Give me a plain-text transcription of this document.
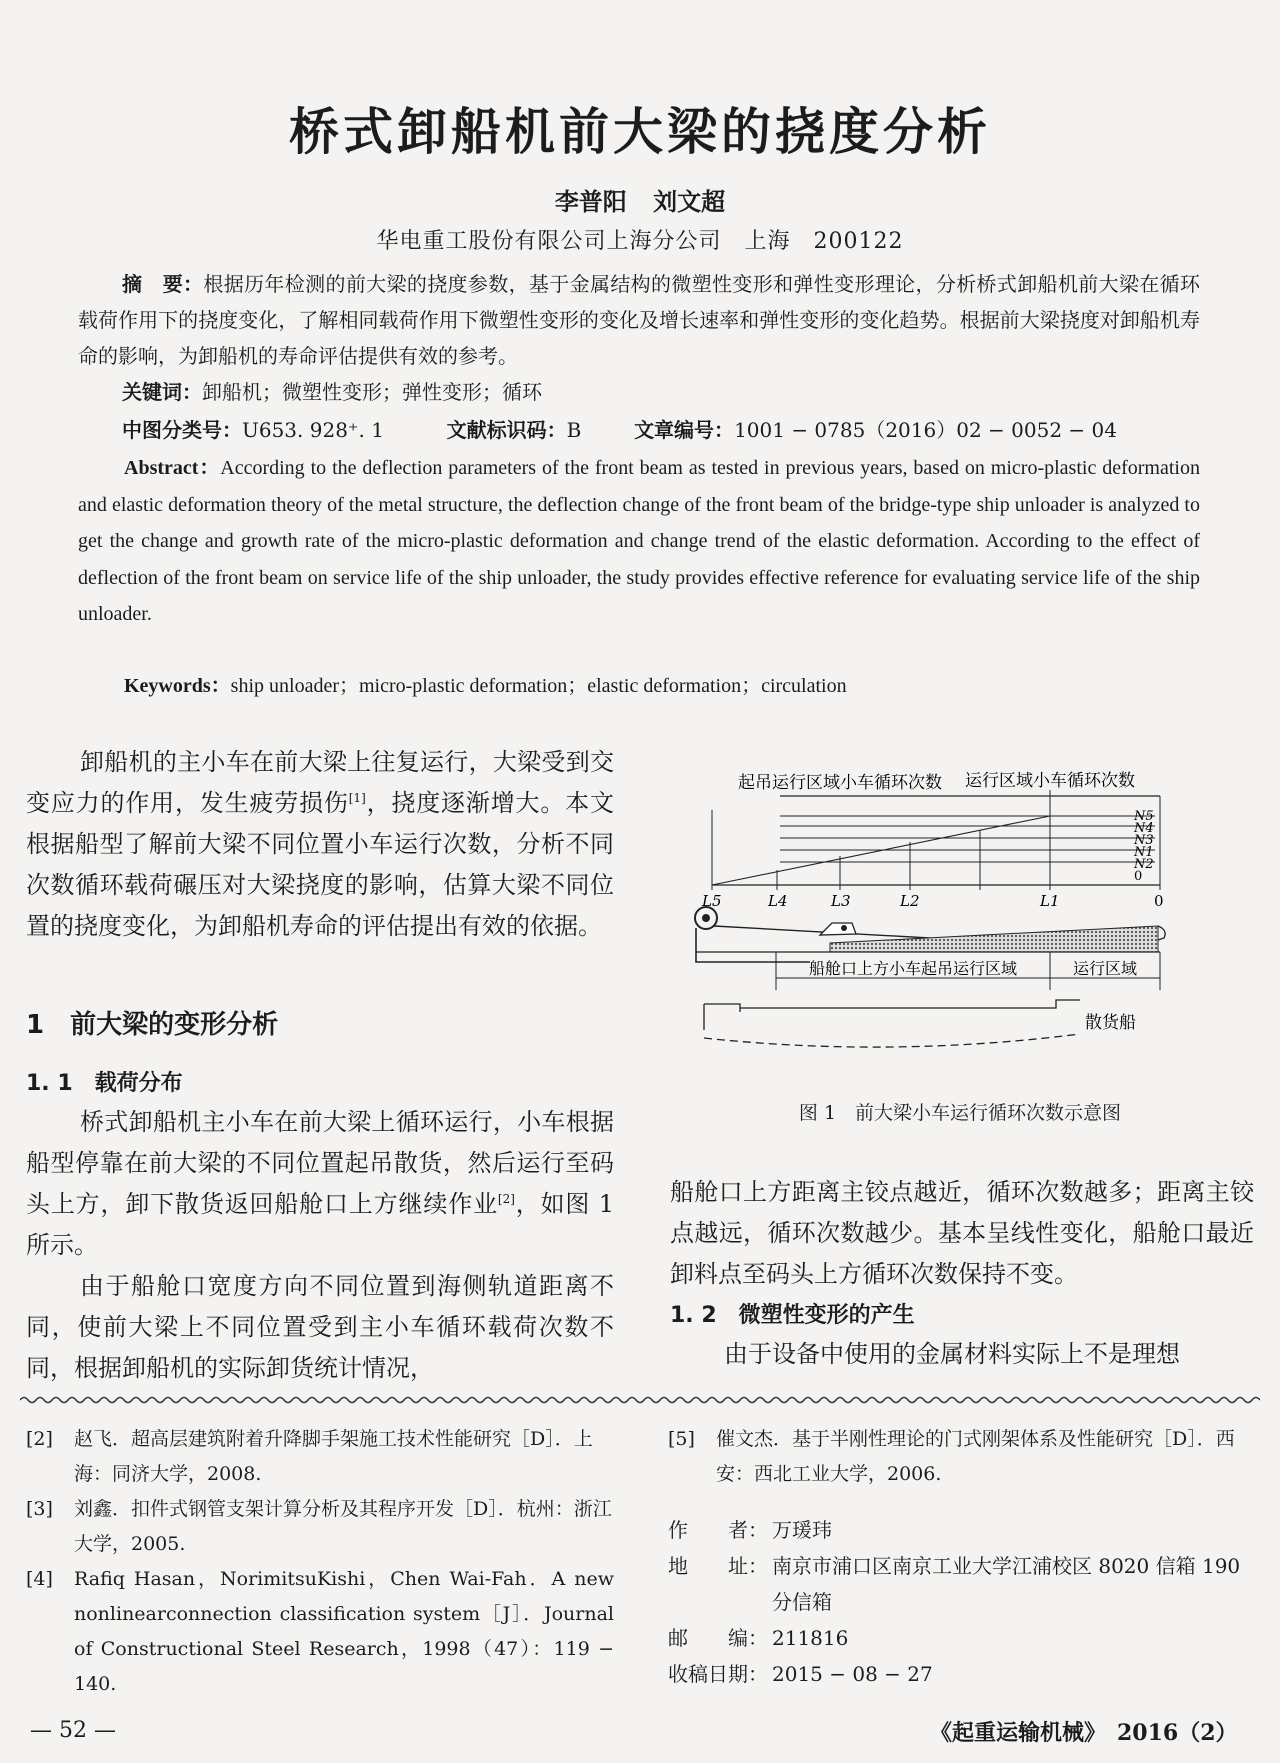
桥式卸船机前大梁的挠度分析
李普阳 刘文超
华电重工股份有限公司上海分公司　上海　200122
摘　要：根据历年检测的前大梁的挠度参数，基于金属结构的微塑性变形和弹性变形理论，分析桥式卸船机前大梁在循环载荷作用下的挠度变化，了解相同载荷作用下微塑性变形的变化及增长速率和弹性变形的变化趋势。根据前大梁挠度对卸船机寿命的影响，为卸船机的寿命评估提供有效的参考。
关键词：卸船机；微塑性变形；弹性变形；循环
中图分类号：U653. 928⁺. 1	文献标识码：B	文章编号：1001 − 0785（2016）02 − 0052 − 04
Abstract：According to the deflection parameters of the front beam as tested in previous years, based on micro-plastic deformation and elastic deformation theory of the metal structure, the deflection change of the front beam of the bridge-type ship unloader is analyzed to get the change and growth rate of the micro-plastic deformation and change trend of the elastic deformation. According to the effect of deflection of the front beam on service life of the ship unloader, the study provides effective reference for evaluating service life of the ship unloader.
Keywords：ship unloader；micro-plastic deformation；elastic deformation；circulation
卸船机的主小车在前大梁上往复运行，大梁受到交变应力的作用，发生疲劳损伤[1]，挠度逐渐增大。本文根据船型了解前大梁不同位置小车运行次数，分析不同次数循环载荷碾压对大梁挠度的影响，估算大梁不同位置的挠度变化，为卸船机寿命的评估提出有效的依据。
1　前大梁的变形分析
1. 1　载荷分布
桥式卸船机主小车在前大梁上循环运行，小车根据船型停靠在前大梁的不同位置起吊散货，然后运行至码头上方，卸下散货返回船舱口上方继续作业[2]，如图 1 所示。
由于船舱口宽度方向不同位置到海侧轨道距离不同，使前大梁上不同位置受到主小车循环载荷次数不同，根据卸船机的实际卸货统计情况，
船舱口上方距离主铰点越近，循环次数越多；距离主铰点越远，循环次数越少。基本呈线性变化，船舱口最近卸料点至码头上方循环次数保持不变。
1. 2　微塑性变形的产生
由于设备中使用的金属材料实际上不是理想
起吊运行区域小车循环次数 运行区域小车循环次数
N5
N4
N3
N1
N2
0
L5	L4	L3	L2	L1	0
船舱口上方小车起吊运行区域	运行区域
散货船
图 1　前大梁小车运行循环次数示意图
[2]	赵飞．超高层建筑附着升降脚手架施工技术性能研究［D］．上海：同济大学，2008.
[3]	刘鑫．扣件式钢管支架计算分析及其程序开发［D］．杭州：浙江大学，2005.
[4]	Rafiq Hasan，NorimitsuKishi，Chen Wai-Fah．A new nonlinearconnection classification system［J］．Journal of Constructional Steel Research，1998（47）：119 − 140.
[5]	催文杰．基于半刚性理论的门式刚架体系及性能研究［D］．西安：西北工业大学，2006.
作　　者：	万瑗玮
地　　址：	南京市浦口区南京工业大学江浦校区 8020 信箱 190 分信箱
邮　　编：	211816
收稿日期：	2015 − 08 − 27
— 52 —	《起重运输机械》　2016（2）
